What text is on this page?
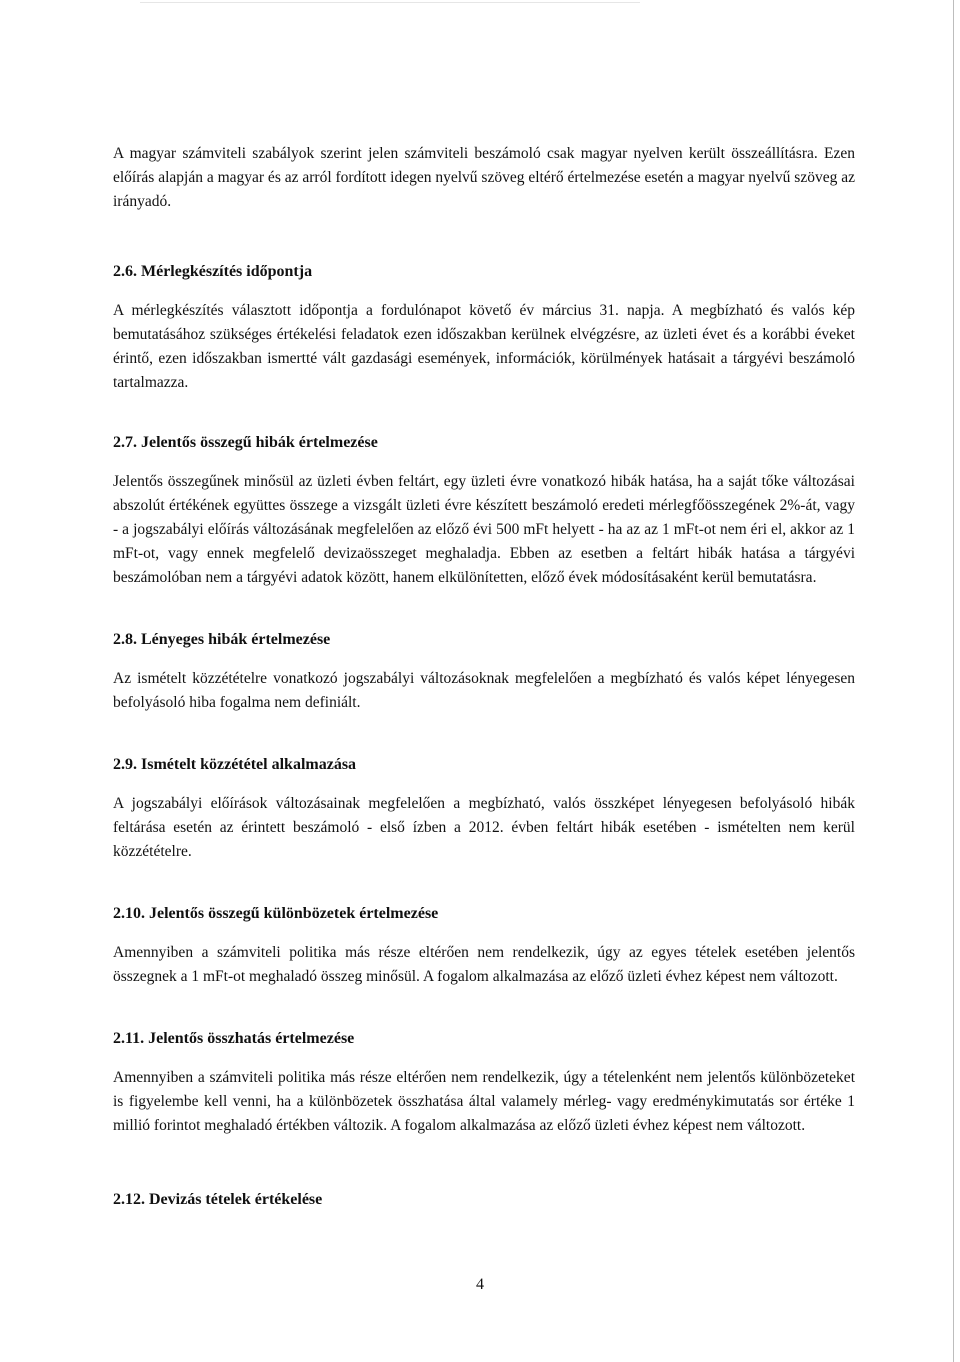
A magyar számviteli szabályok szerint jelen számviteli beszámoló csak magyar nyelven került összeállításra. Ezen előírás alapján a magyar és az arról fordított idegen nyelvű szöveg eltérő értelmezése esetén a magyar nyelvű szöveg az irányadó.

2.6. Mérlegkészítés időpontja

A mérlegkészítés választott időpontja a fordulónapot követő év március 31. napja. A megbízható és valós kép bemutatásához szükséges értékelési feladatok ezen időszakban kerülnek elvégzésre, az üzleti évet és a korábbi éveket érintő, ezen időszakban ismertté vált gazdasági események, információk, körülmények hatásait a tárgyévi beszámoló tartalmazza.

2.7. Jelentős összegű hibák értelmezése

Jelentős összegűnek minősül az üzleti évben feltárt, egy üzleti évre vonatkozó hibák hatása, ha a saját tőke változásai abszolút értékének együttes összege a vizsgált üzleti évre készített beszámoló eredeti mérlegfőösszegének 2%-át, vagy - a jogszabályi előírás változásának megfelelően az előző évi 500 mFt helyett - ha az az 1 mFt-ot nem éri el, akkor az 1 mFt-ot, vagy ennek megfelelő devizaösszeget meghaladja. Ebben az esetben a feltárt hibák hatása a tárgyévi beszámolóban nem a tárgyévi adatok között, hanem elkülönítetten, előző évek módosításaként kerül bemutatásra.

2.8. Lényeges hibák értelmezése

Az ismételt közzétételre vonatkozó jogszabályi változásoknak megfelelően a megbízható és valós képet lényegesen befolyásoló hiba fogalma nem definiált.

2.9. Ismételt közzététel alkalmazása

A jogszabályi előírások változásainak megfelelően a megbízható, valós összképet lényegesen befolyásoló hibák feltárása esetén az érintett beszámoló - első ízben a 2012. évben feltárt hibák esetében - ismételten nem kerül közzétételre.

2.10. Jelentős összegű különbözetek értelmezése

Amennyiben a számviteli politika más része eltérően nem rendelkezik, úgy az egyes tételek esetében jelentős összegnek a 1 mFt-ot meghaladó összeg minősül. A fogalom alkalmazása az előző üzleti évhez képest nem változott.

2.11. Jelentős összhatás értelmezése

Amennyiben a számviteli politika más része eltérően nem rendelkezik, úgy a tételenként nem jelentős különbözeteket is figyelembe kell venni, ha a különbözetek összhatása által valamely mérleg- vagy eredménykimutatás sor értéke 1 millió forintot meghaladó értékben változik. A fogalom alkalmazása az előző üzleti évhez képest nem változott.

2.12. Devizás tételek értékelése

4
